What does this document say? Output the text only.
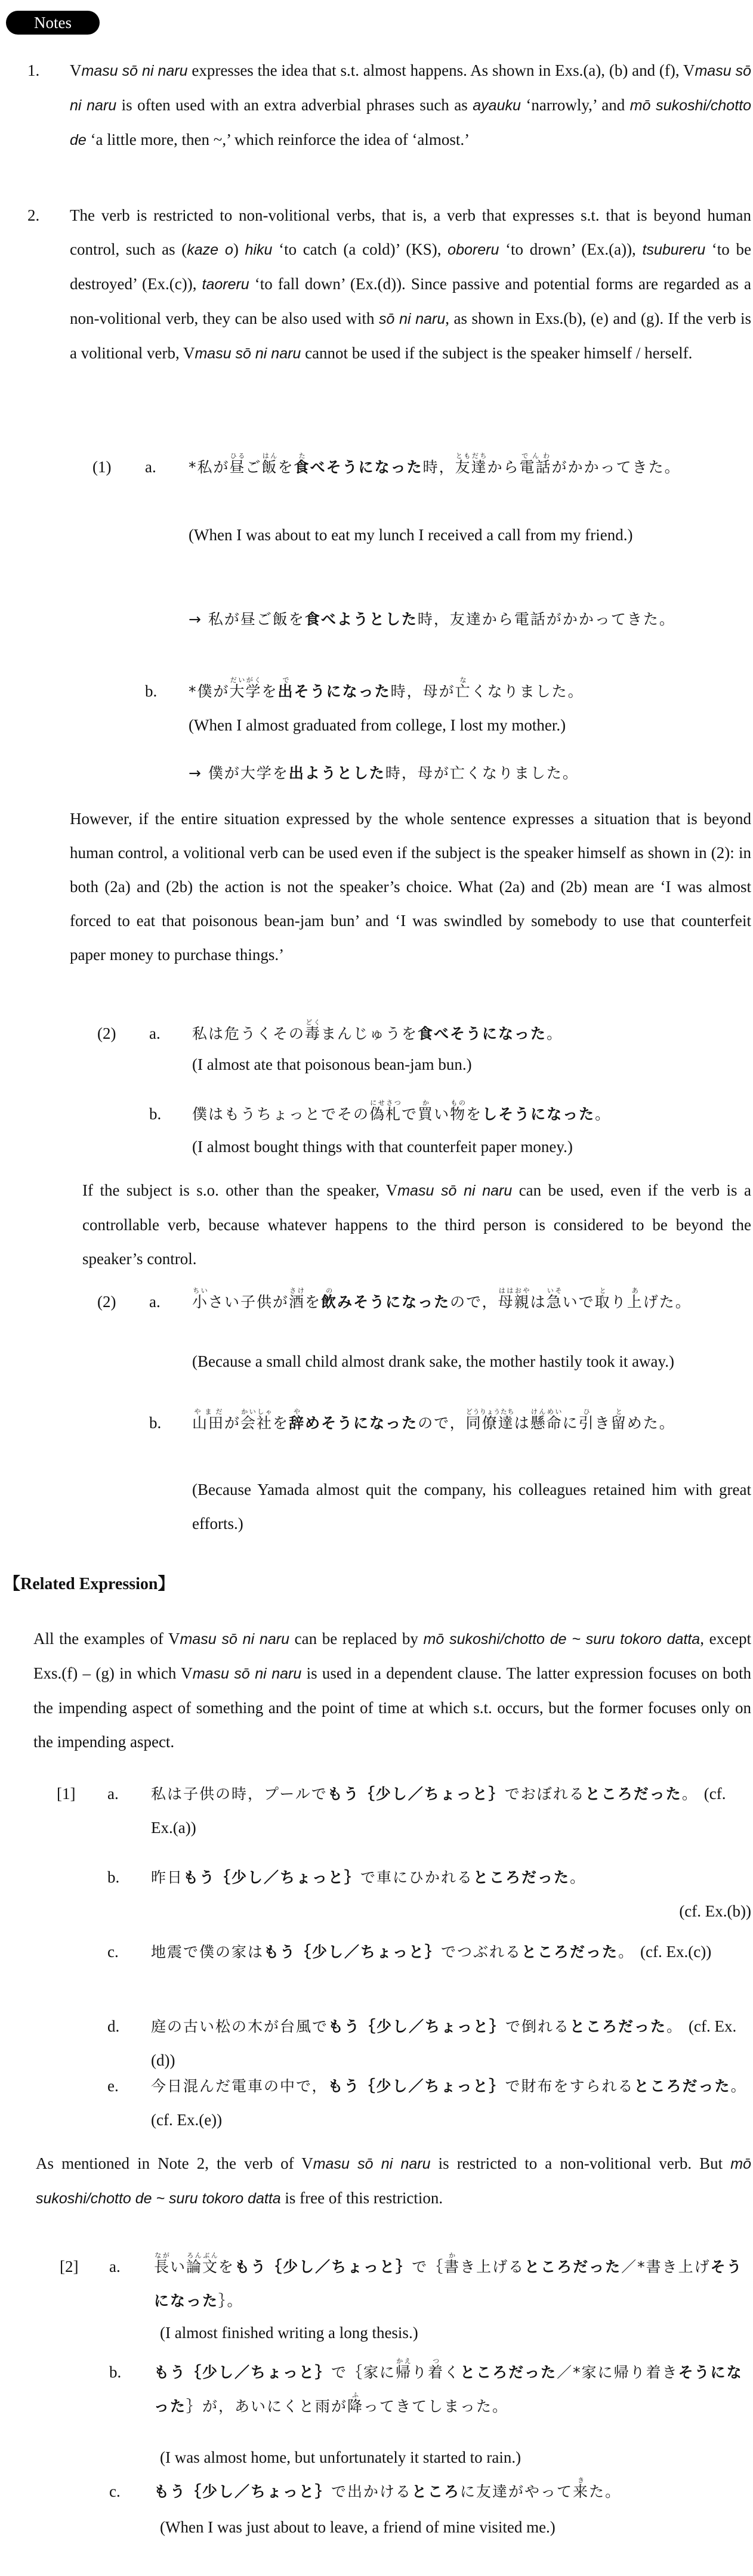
Notes
1. Vmasu sō ni naru expresses the idea that s.t. almost happens. As shown in Exs.(a), (b) and (f), Vmasu sō ni naru is often used with an extra adverbial phrases such as ayauku ‘narrowly,’ and mō sukoshi/chotto de ‘a little more, then ~,’ which reinforce the idea of ‘almost.’
2. The verb is restricted to non-volitional verbs, that is, a verb that expresses s.t. that is beyond human control, such as (kaze o) hiku ‘to catch (a cold)’ (KS), oboreru ‘to drown’ (Ex.(a)), tsubureru ‘to be destroyed’ (Ex.(c)), taoreru ‘to fall down’ (Ex.(d)). Since passive and potential forms are regarded as a non-volitional verb, they can be also used with sō ni naru, as shown in Exs.(b), (e) and (g). If the verb is a volitional verb, Vmasu sō ni naru cannot be used if the subject is the speaker himself / herself.
(1) a. *私が昼ひるご飯はんを食たべそうになった時，友達ともだちから電話でんわがかかってきた。
(When I was about to eat my lunch I received a call from my friend.)
→ 私が昼ご飯を食べようとした時，友達から電話がかかってきた。
b. *僕が大学だいがくを出でそうになった時，母が亡なくなりました。
(When I almost graduated from college, I lost my mother.)
→ 僕が大学を出ようとした時，母が亡くなりました。
However, if the entire situation expressed by the whole sentence expresses a situation that is beyond human control, a volitional verb can be used even if the subject is the speaker himself as shown in (2): in both (2a) and (2b) the action is not the speaker’s choice. What (2a) and (2b) mean are ‘I was almost forced to eat that poisonous bean-jam bun’ and ‘I was swindled by somebody to use that counterfeit paper money to purchase things.’
(2) a. 私は危うくその毒どくまんじゅうを食べそうになった。
(I almost ate that poisonous bean-jam bun.)
b. 僕はもうちょっとでその偽札にせさつで買かい物ものをしそうになった。
(I almost bought things with that counterfeit paper money.)
If the subject is s.o. other than the speaker, Vmasu sō ni naru can be used, even if the verb is a controllable verb, because whatever happens to the third person is considered to be beyond the speaker’s control.
(2) a. 小ちいさい子供が酒さけを飲のみそうになったので，母親ははおやは急いそいで取とり上あげた。
(Because a small child almost drank sake, the mother hastily took it away.)
b. 山田やまだが会社かいしゃを辞やめそうになったので，同僚達どうりょうたちは懸命けんめいに引ひき留とめた。
(Because Yamada almost quit the company, his colleagues retained him with great efforts.)
【Related Expression】
All the examples of Vmasu sō ni naru can be replaced by mō sukoshi/chotto de ~ suru tokoro datta, except Exs.(f) – (g) in which Vmasu sō ni naru is used in a dependent clause. The latter expression focuses on both the impending aspect of something and the point of time at which s.t. occurs, but the former focuses only on the impending aspect.
[1] a. 私は子供の時，プールでもう｛少し／ちょっと｝でおぼれるところだった。 (cf. Ex.(a))
b. 昨日もう｛少し／ちょっと｝で車にひかれるところだった。
(cf. Ex.(b))
c. 地震で僕の家はもう｛少し／ちょっと｝でつぶれるところだった。 (cf. Ex.(c))
d. 庭の古い松の木が台風でもう｛少し／ちょっと｝で倒れるところだった。 (cf. Ex.(d))
e. 今日混んだ電車の中で，もう｛少し／ちょっと｝で財布をすられるところだった。 (cf. Ex.(e))
As mentioned in Note 2, the verb of Vmasu sō ni naru is restricted to a non-volitional verb. But mō sukoshi/chotto de ~ suru tokoro datta is free of this restriction.
[2] a. 長ながい論文ろんぶんをもう｛少し／ちょっと｝で｛書かき上げるところだった／*書き上げそうになった｝。
(I almost finished writing a long thesis.)
b. もう｛少し／ちょっと｝で｛家に帰かえり着つくところだった／*家に帰り着きそうになった｝が，あいにくと雨が降ふってきてしまった。
(I was almost home, but unfortunately it started to rain.)
c. もう｛少し／ちょっと｝で出かけるところに友達がやって来きた。
(When I was just about to leave, a friend of mine visited me.)
